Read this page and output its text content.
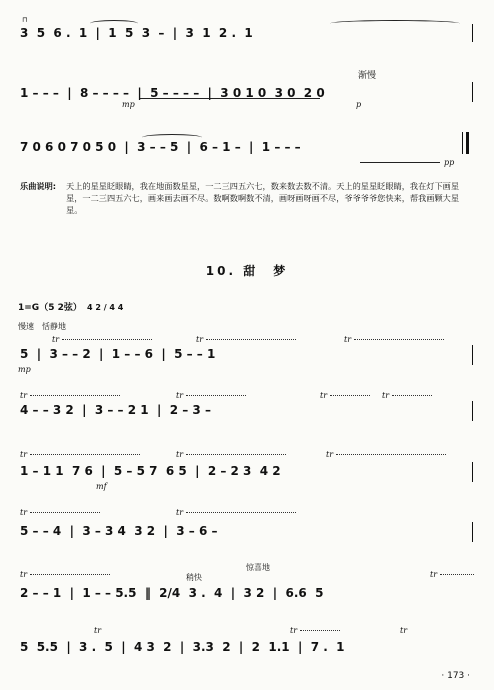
⊓
3  5  6 .  1  |  1  5  3  –  |  3  1  2 .  1
1 – – –  |  8 – – – –  |  5 – – – –  |  3 0 1 0  3 0  2 0
mp
渐慢
p
7 0 6 0 7 0 5 0  |  3 – – 5  |  6 – 1 –  |  1 – – –
pp
乐曲说明: 天上的星星眨眼睛，我在地面数星星，一二三四五六七，数来数去数不清。天上的星星眨眼睛，我在灯下画星星，一二三四五六七，画来画去画不尽。数啊数啊数不清，画呀画呀画不尽，爷爷爷爷您快来，帮我画颗大星星。
10. 甜　梦
1=G（5 2弦） 4 2 / 4 4
慢速　恬静地
tr	tr	tr
5  |  3 – – 2  |  1 – – 6  |  5 – – 1
mp
tr	tr	tr	tr
4 – – 3 2  |  3 – – 2 1  |  2 – 3 –
tr	tr	tr
1 – 1 1  7 6  |  5 – 5 7  6 5  |  2 – 2 3  4 2
mf
tr	tr
5 – – 4  |  3 – 3 4  3 2  |  3 – 6 –
稍快
惊喜地
tr	tr
2 – – 1  |  1 – – 5.5  ‖  2/4  3 .  4  |  3 2  |  6.6  5
tr	tr	tr
5  5.5  |  3 .  5  |  4 3  2  |  3.3  2  |  2  1.1  |  7 .  1
· 173 ·
